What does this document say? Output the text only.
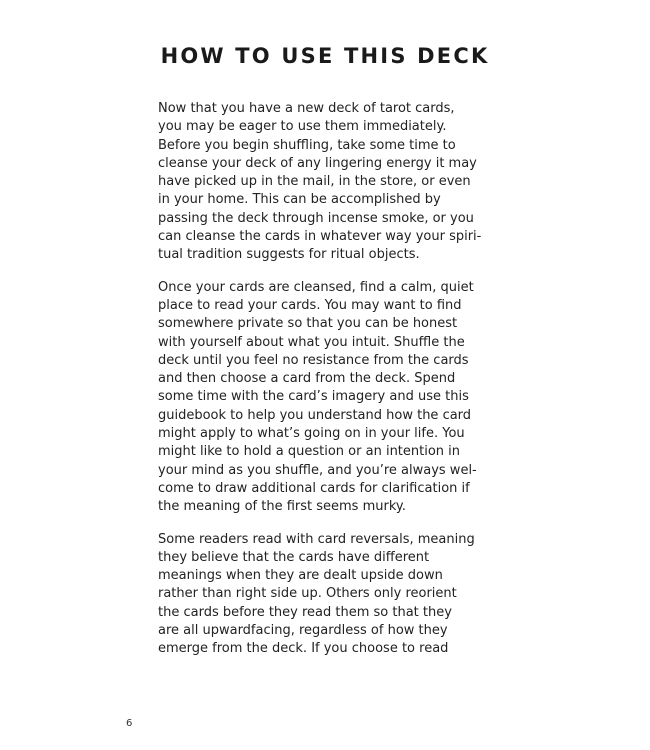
HOW TO USE THIS DECK

Now that you have a new deck of tarot cards,
you may be eager to use them immediately.
Before you begin shuffling, take some time to
cleanse your deck of any lingering energy it may
have picked up in the mail, in the store, or even
in your home. This can be accomplished by
passing the deck through incense smoke, or you
can cleanse the cards in whatever way your spiri-
tual tradition suggests for ritual objects.

Once your cards are cleansed, find a calm, quiet
place to read your cards. You may want to find
somewhere private so that you can be honest
with yourself about what you intuit. Shuffle the
deck until you feel no resistance from the cards
and then choose a card from the deck. Spend
some time with the card’s imagery and use this
guidebook to help you understand how the card
might apply to what’s going on in your life. You
might like to hold a question or an intention in
your mind as you shuffle, and you’re always wel-
come to draw additional cards for clarification if
the meaning of the first seems murky.

Some readers read with card reversals, meaning
they believe that the cards have different
meanings when they are dealt upside down
rather than right side up. Others only reorient
the cards before they read them so that they
are all upwardfacing, regardless of how they
emerge from the deck. If you choose to read

6
